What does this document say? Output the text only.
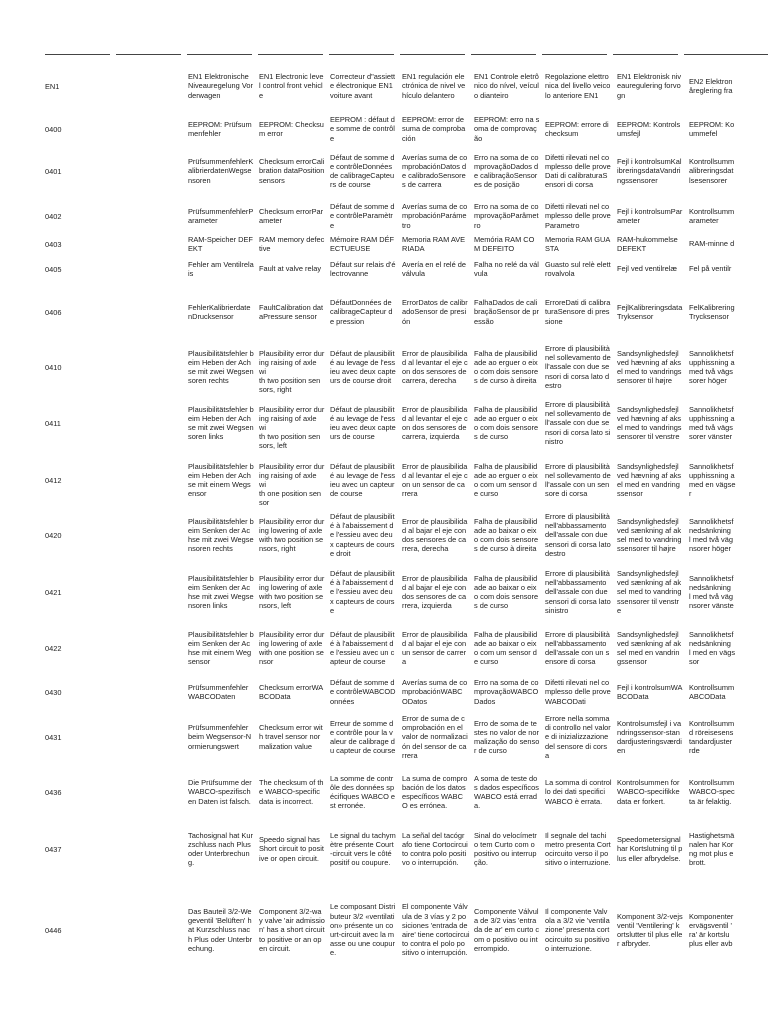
EN1
EN1 Elektronische
Niveauregelung Vor
derwagen
EN1 Electronic leve
l control front vehicl
e
Correcteur d"assiett
e électronique EN1
voiture avant
EN1 regulación ele
ctrónica de nivel ve
hículo delantero
EN1 Controle eletrô
nico do nível, veícul
o dianteiro
Regolazione elettro
nica del livello veico
lo anteriore EN1
EN1 Elektronisk niv
eauregulering forvo
gn
EN2 Elektron
åreglering fra
0400
EEPROM: Prüfsum
menfehler
EEPROM: Checksu
m error
EEPROM : défaut d
e somme de contrôl
e
EEPROM: error de
suma de comproba
ción
EEPROM: erro na s
oma de comprovaç
ão
EEPROM: errore di
checksum
EEPROM: Kontrols
umsfejl
EEPROM: Ko
ummefel
0401
PrüfsummenfehlerK
alibrierdatenWegse
nsoren
Checksum errorCali
bration dataPosition
sensors
Défaut de somme d
e contrôleDonnées
de calibrageCapteu
rs de course
Averías suma de co
mprobaciónDatos d
e calibradoSensore
s de carrera
Erro na soma de co
mprovaçãoDados d
e calibraçãoSensor
es de posição
Difetti rilevati nel co
mplesso delle prove
Dati di calibraturaS
ensori di corsa
Fejl i kontrolsumKal
ibreringsdataVandri
ngssensorer
Kontrollsumm
alibreringsdat
lsesensorer
0402
PrüfsummenfehlerP
arameter
Checksum errorPar
ameter
Défaut de somme d
e contrôleParamètr
e
Averías suma de co
mprobaciónParáme
tro
Erro na soma de co
mprovaçãoParâmet
ro
Difetti rilevati nel co
mplesso delle prove
Parametro
Fejl i kontrolsumPar
ameter
Kontrollsumm
arameter
0403
RAM-Speicher DEF
EKT
RAM memory defec
tive
Mémoire RAM DÉF
ECTUEUSE
Memoria RAM AVE
RIADA
Memória RAM CO
M DEFEITO
Memoria RAM GUA
STA
RAM-hukommelse
DEFEKT
RAM-minne d
0405
Fehler am Ventilrela
is
Fault at valve relay
Défaut sur relais d'é
lectrovanne
Avería en el relé de
válvula
Falha no relé da vál
vula
Guasto sul relè elett
rovalvola
Fejl ved ventilrelæ	Fel på ventilr
0406
FehlerKalibrierdate
nDrucksensor
FaultCalibration dat
aPressure sensor
DéfautDonnées de
calibrageCapteur d
e pression
ErrorDatos de calibr
adoSensor de presi
ón
FalhaDados de cali
braçãoSensor de pr
essão
ErroreDati di calibra
turaSensore di pres
sione
FejlKalibreringsdata
Tryksensor
FelKalibrering
Trycksensor
0410
Plausibilitätsfehler b
eim Heben der Ach
se mit zwei Wegsen
soren rechts
Plausibility error dur
ing raising of axle wi
th two position sen
sors, right
Défaut de plausibilit
é au levage de l'ess
ieu avec deux capte
urs de course droit
Error de plausibilida
d al levantar el eje c
on dos sensores de
carrera, derecha
Falha de plausibilid
ade ao erguer o eix
o com dois sensore
s de curso à direita
Errore di plausibilità
nel sollevamento de
ll'assale con due se
nsori di corsa lato d
estro
Sandsynlighedsfejl
ved hævning af aks
el med to vandrings
sensorer til højre
Sannolikhetsf
upphissning a
med två vägs
sorer höger
0411
Plausibilitätsfehler b
eim Heben der Ach
se mit zwei Wegsen
soren links
Plausibility error dur
ing raising of axle wi
th two position sen
sors, left
Défaut de plausibilit
é au levage de l'ess
ieu avec deux capte
urs de course
Error de plausibilida
d al levantar el eje c
on dos sensores de
carrera, izquierda
Falha de plausibilid
ade ao erguer o eix
o com dois sensore
s de curso
Errore di plausibilità
nel sollevamento de
ll'assale con due se
nsori di corsa lato si
nistro
Sandsynlighedsfejl
ved hævning af aks
el med to vandrings
sensorer til venstre
Sannolikhetsf
upphissning a
med två vägs
sorer vänster
0412
Plausibilitätsfehler b
eim Heben der Ach
se mit einem Wegs
ensor
Plausibility error dur
ing raising of axle wi
th one position sen
sor
Défaut de plausibilit
é au levage de l'ess
ieu avec un capteur
de course
Error de plausibilida
d al levantar el eje c
on un sensor de ca
rrera
Falha de plausibilid
ade ao erguer o eix
o com um sensor d
e curso
Errore di plausibilità
nel sollevamento de
ll'assale con un sen
sore di corsa
Sandsynlighedsfejl
ved hævning af aks
el med en vandring
ssensor
Sannolikhetsf
upphissning a
med en vägse
r
0420
Plausibilitätsfehler b
eim Senken der Ac
hse mit zwei Wegse
nsoren rechts
Plausibility error dur
ing lowering of axle
with two position se
nsors, right
Défaut de plausibilit
é à l'abaissement d
e l'essieu avec deu
x capteurs de cours
e droit
Error de plausibilida
d al bajar el eje con
dos sensores de ca
rrera, derecha
Falha de plausibilid
ade ao baixar o eix
o com dois sensore
s de curso à direita
Errore di plausibilità
nell'abbassamento
dell'assale con due
sensori di corsa lato
destro
Sandsynlighedsfejl
ved sænkning af ak
sel med to vandring
ssensorer til højre
Sannolikhetsf
nedsänkning
l med två väg
nsorer höger
0421
Plausibilitätsfehler b
eim Senken der Ac
hse mit zwei Wegse
nsoren links
Plausibility error dur
ing lowering of axle
with two position se
nsors, left
Défaut de plausibilit
é à l'abaissement d
e l'essieu avec deu
x capteurs de cours
e
Error de plausibilida
d al bajar el eje con
dos sensores de ca
rrera, izquierda
Falha de plausibilid
ade ao baixar o eix
o com dois sensore
s de curso
Errore di plausibilità
nell'abbassamento
dell'assale con due
sensori di corsa lato
sinistro
Sandsynlighedsfejl
ved sænkning af ak
sel med to vandring
ssensorer til venstr
e
Sannolikhetsf
nedsänkning
l med två väg
nsorer vänste
0422
Plausibilitätsfehler b
eim Senken der Ac
hse mit einem Weg
sensor
Plausibility error dur
ing lowering of axle
with one position se
nsor
Défaut de plausibilit
é à l'abaissement d
e l'essieu avec un c
apteur de course
Error de plausibilida
d al bajar el eje con
un sensor de carrer
a
Falha de plausibilid
ade ao baixar o eix
o com um sensor d
e curso
Errore di plausibilità
nell'abbassamento
dell'assale con un s
ensore di corsa
Sandsynlighedsfejl
ved sænkning af ak
sel med en vandrin
gssensor
Sannolikhetsf
nedsänkning
l med en vägs
sor
0430
Prüfsummenfehler
WABCODaten
Checksum errorWA
BCOData
Défaut de somme d
e contrôleWABCOD
onnées
Averías suma de co
mprobaciónWABC
ODatos
Erro na soma de co
mprovaçãoWABCO
Dados
Difetti rilevati nel co
mplesso delle prove
WABCODati
Fejl i kontrolsumWA
BCOData
Kontrollsumm
ABCOData
0431
Prüfsummenfehler
beim Wegsensor-N
ormierungswert
Checksum error wit
h travel sensor nor
malization value
Erreur de somme d
e contrôle pour la v
aleur de calibrage d
u capteur de course
Error de suma de c
omprobación en el
valor de normalizaci
ón del sensor de ca
rrera
Erro de soma de te
stes no valor de nor
malização do senso
r de curso
Errore nella somma
di controllo nel valor
e di inizializzazione
del sensore di cors
a
Kontrolsumsfejl i va
ndringssensor-stan
dardjusteringsværdi
en
Kontrollsumm
d röreisesens
tandardjuster
rde
0436
Die Prüfsumme der
WABCO-spezifisch
en Daten ist falsch.
The checksum of th
e WABCO-specific
data is incorrect.
La somme de contr
ôle des données sp
écifiques WABCO e
st erronée.
La suma de compro
bación de los datos
específicos WABC
O es errónea.
A soma de teste do
s dados específicos
WABCO está errad
a.
La somma di control
lo dei dati specifici
WABCO è errata.
Kontrolsummen for
WABCO-specifikke
data er forkert.
Kontrollsumm
WABCO-spec
ta är felaktig.
0437
Tachosignal hat Kur
zschluss nach Plus
oder Unterbrechun
g.
Speedo signal has
Short circuit to posit
ive or open circuit.
Le signal du tachym
ètre présente Court
-circuit vers le côté
positif ou coupure.
La señal del tacógr
afo tiene Cortocircui
to contra polo positi
vo o interrupción.
Sinal do velocímetr
o tem Curto com o
positivo ou interrup
ção.
Il segnale del tachi
metro presenta Cort
ocircuito verso il po
sitivo o interruzione.
Speedometersignal
har Kortslutning til p
lus eller afbrydelse.
Hastighetsmä
nalen har Kor
ng mot plus e
brott.
0446
Das Bauteil 3/2-We
geventil 'Belüften' h
at Kurzschluss nac
h Plus oder Unterbr
echung.
Component 3/2-wa
y valve 'air admissio
n' has a short circuit
to positive or an op
en circuit.
Le composant Distri
buteur 3/2 «ventilati
on» présente un co
urt-circuit avec la m
asse ou une coupur
e.
El componente Válv
ula de 3 vías y 2 po
siciones 'entrada de
aire' tiene cortocircui
to contra el polo po
sitivo o interrupción.
Componente Válvul
a de 3/2 vias 'entra
da de ar' em curto c
om o positivo ou int
errompido.
Il componente Valv
ola a 3/2 vie 'ventila
zione' presenta cort
ocircuito su positivo
o interruzione.
Komponent 3/2-vejs
ventil 'Ventilering' k
ortslutter til plus elle
r afbryder.
Komponenter
ervägsventil '
ra' är kortslu
plus eller avb
